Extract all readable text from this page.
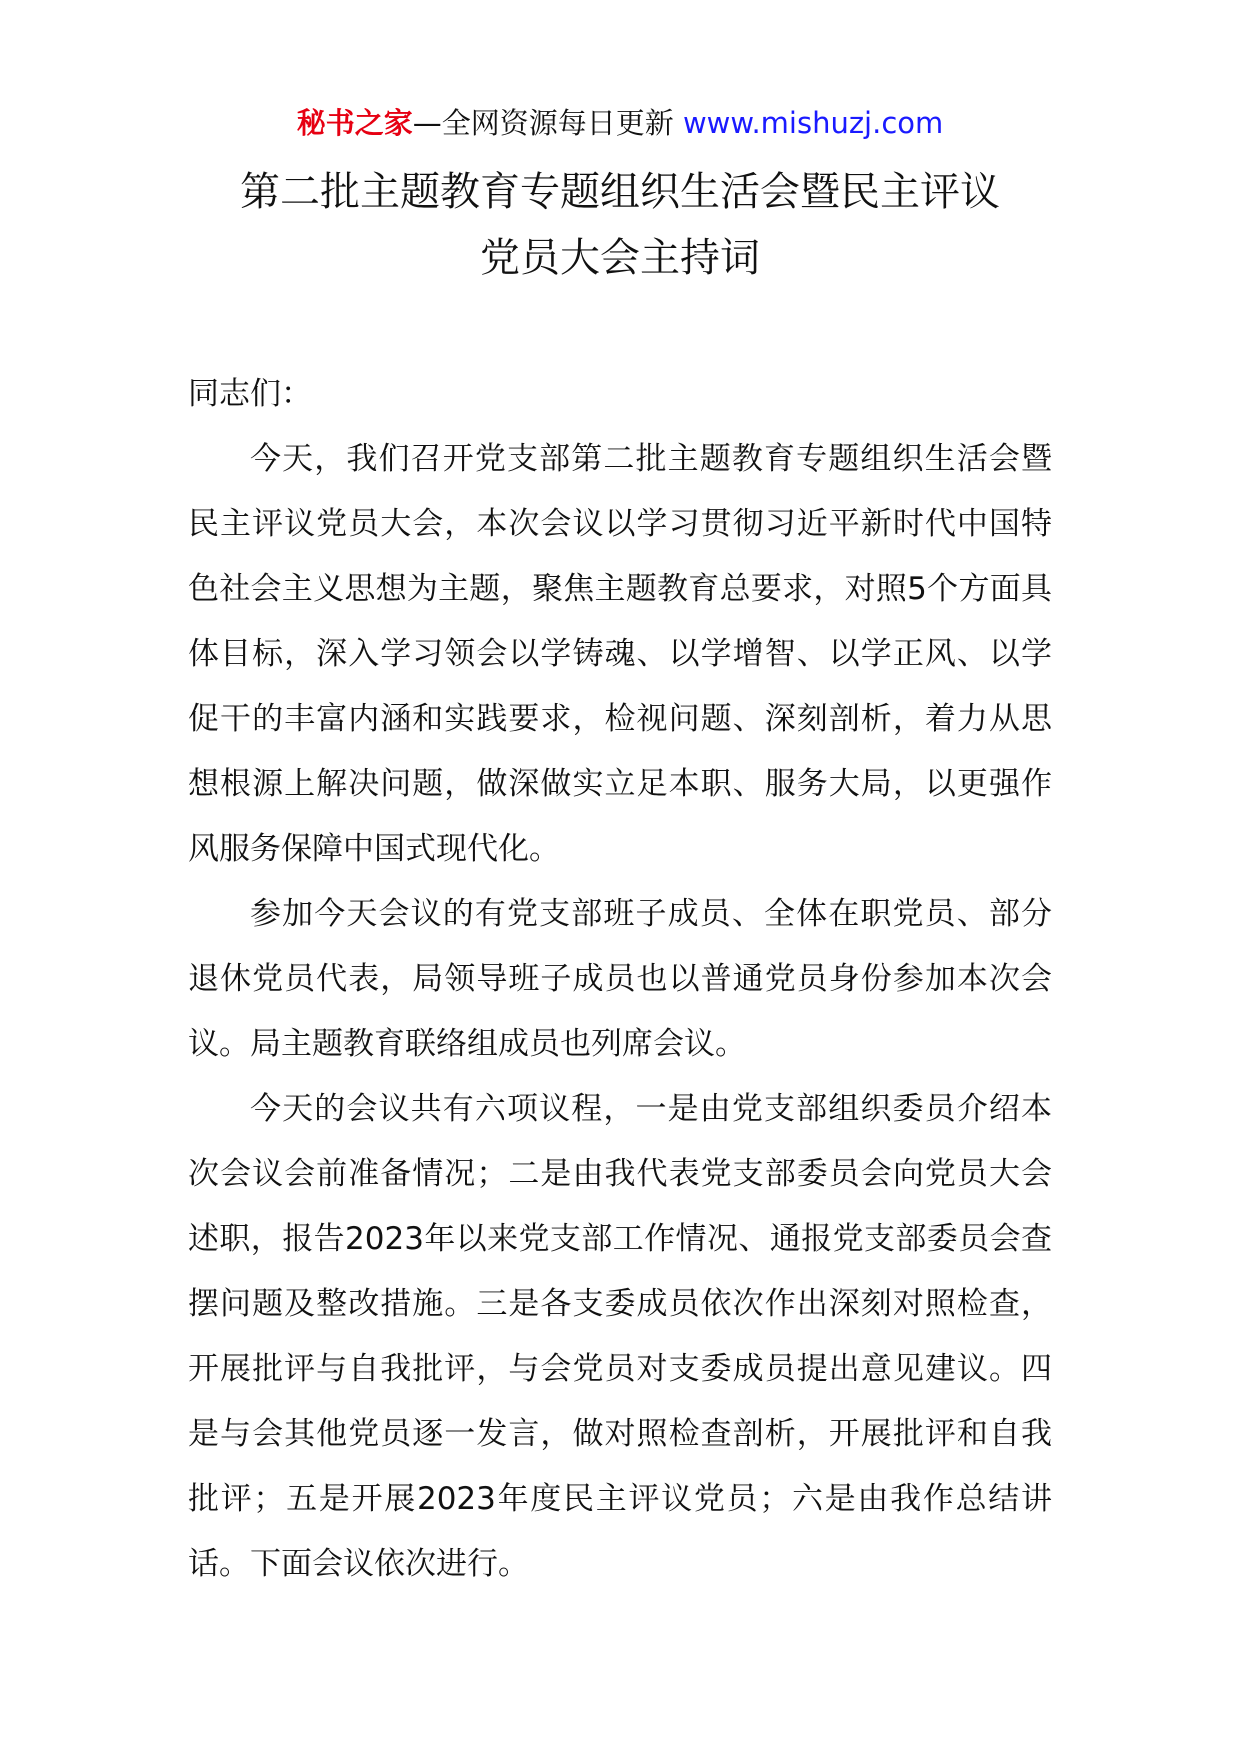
秘书之家—全网资源每日更新 www.mishuzj.com
第二批主题教育专题组织生活会暨民主评议
党员大会主持词

同志们：

今天，我们召开党支部第二批主题教育专题组织生活会暨民主评议党员大会，本次会议以学习贯彻习近平新时代中国特色社会主义思想为主题，聚焦主题教育总要求，对照5个方面具体目标，深入学习领会以学铸魂、以学增智、以学正风、以学促干的丰富内涵和实践要求，检视问题、深刻剖析，着力从思想根源上解决问题，做深做实立足本职、服务大局，以更强作风服务保障中国式现代化。

参加今天会议的有党支部班子成员、全体在职党员、部分退休党员代表，局领导班子成员也以普通党员身份参加本次会议。局主题教育联络组成员也列席会议。

今天的会议共有六项议程，一是由党支部组织委员介绍本次会议会前准备情况；二是由我代表党支部委员会向党员大会述职，报告2023年以来党支部工作情况、通报党支部委员会查摆问题及整改措施。三是各支委成员依次作出深刻对照检查，开展批评与自我批评，与会党员对支委成员提出意见建议。四是与会其他党员逐一发言，做对照检查剖析，开展批评和自我批评；五是开展2023年度民主评议党员；六是由我作总结讲话。下面会议依次进行。
